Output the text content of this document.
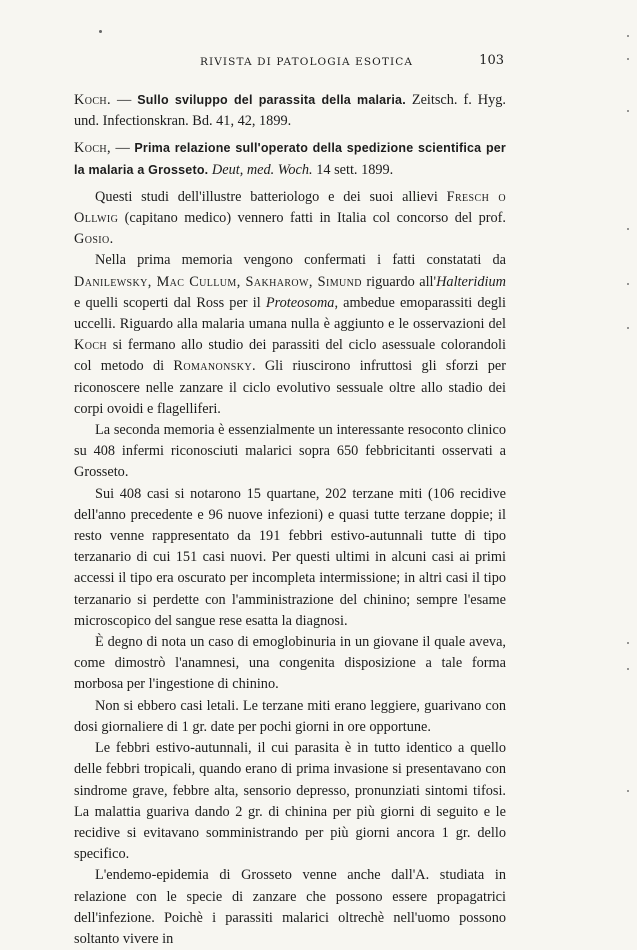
RIVISTA DI PATOLOGIA ESOTICA	103
Koch. — Sullo sviluppo del parassita della malaria. Zeitsch. f. Hyg. und. Infectionskran. Bd. 41, 42, 1899.
Koch, — Prima relazione sull'operato della spedizione scientifica per la malaria a Grosseto. Deut, med. Woch. 14 sett. 1899.

Questi studi dell'illustre batteriologo e dei suoi allievi Fresch o Ollwig (capitano medico) vennero fatti in Italia col concorso del prof. Gosio.

Nella prima memoria vengono confermati i fatti constatati da Danilewsky, Mac Cullum, Sakharow, Simund riguardo all'Halteridium e quelli scoperti dal Ross per il Proteosoma, ambedue emoparassiti degli uccelli. Riguardo alla malaria umana nulla è aggiunto e le osservazioni del Koch si fermano allo studio dei parassiti del ciclo asessuale colorandoli col metodo di Romanonsky. Gli riuscirono infruttosi gli sforzi per riconoscere nelle zanzare il ciclo evolutivo sessuale oltre allo stadio dei corpi ovoidi e flagelliferi.

La seconda memoria è essenzialmente un interessante resoconto clinico su 408 infermi riconosciuti malarici sopra 650 febbricitanti osservati a Grosseto.

Sui 408 casi si notarono 15 quartane, 202 terzane miti (106 recidive dell'anno precedente e 96 nuove infezioni) e quasi tutte terzane doppie; il resto venne rappresentato da 191 febbri estivo-autunnali tutte di tipo terzanario di cui 151 casi nuovi. Per questi ultimi in alcuni casi ai primi accessi il tipo era oscurato per incompleta intermissione; in altri casi il tipo terzanario si perdette con l'amministrazione del chinino; sempre l'esame microscopico del sangue rese esatta la diagnosi.

È degno di nota un caso di emoglobinuria in un giovane il quale aveva, come dimostrò l'anamnesi, una congenita disposizione a tale forma morbosa per l'ingestione di chinino.

Non si ebbero casi letali. Le terzane miti erano leggiere, guarivano con dosi giornaliere di 1 gr. date per pochi giorni in ore opportune.

Le febbri estivo-autunnali, il cui parasita è in tutto identico a quello delle febbri tropicali, quando erano di prima invasione si presentavano con sindrome grave, febbre alta, sensorio depresso, pronunziati sintomi tifosi. La malattia guariva dando 2 gr. di chinina per più giorni di seguito e le recidive si evitavano somministrando per più giorni ancora 1 gr. dello specifico.

L'endemo-epidemia di Grosseto venne anche dall'A. studiata in relazione con le specie di zanzare che possono essere propagatrici dell'infezione. Poichè i parassiti malarici oltrechè nell'uomo possono soltanto vivere in
